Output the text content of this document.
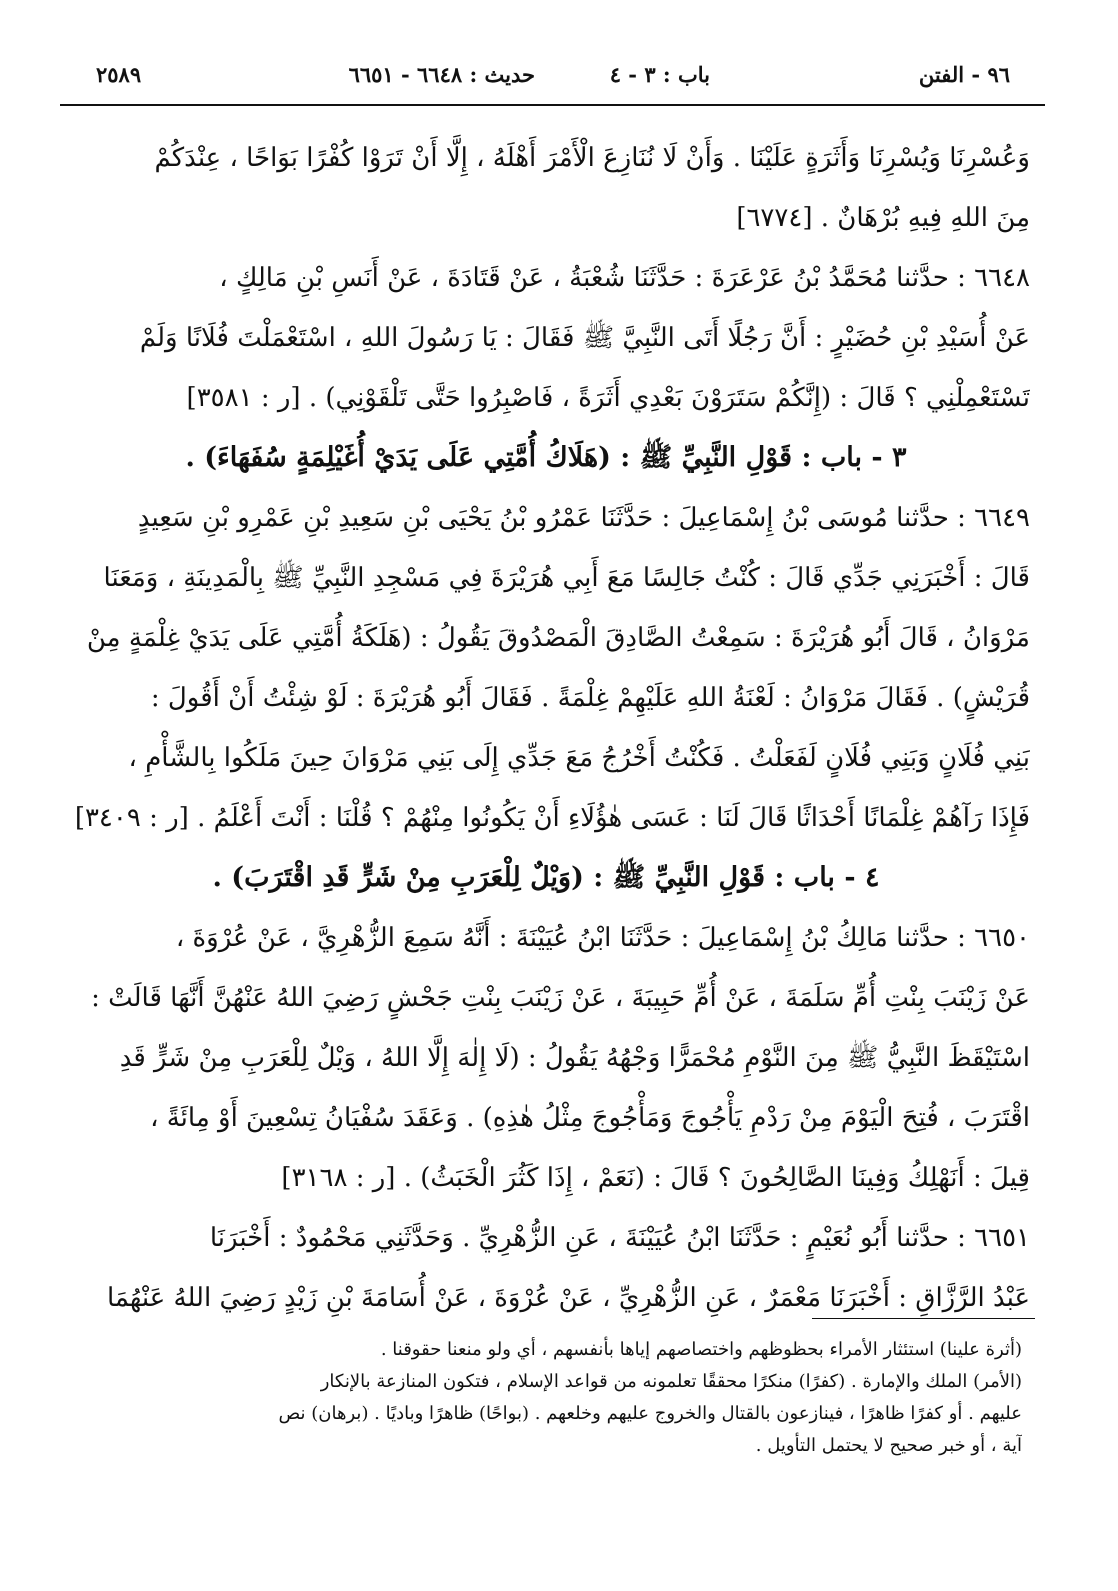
٩٦ - الفتن
باب : ٣ - ٤
حديث : ٦٦٤٨ - ٦٦٥١
٢٥٨٩
وَعُسْرِنَا وَيُسْرِنَا وَأَثَرَةٍ عَلَيْنَا . وَأَنْ لَا نُنَازِعَ الْأَمْرَ أَهْلَهُ ، إِلَّا أَنْ تَرَوْا كُفْرًا بَوَاحًا ، عِنْدَكُمْ
مِنَ اللهِ فِيهِ بُرْهَانٌ . [٦٧٧٤]
٦٦٤٨ : حدَّثنا مُحَمَّدُ بْنُ عَرْعَرَةَ : حَدَّثَنَا شُعْبَةُ ، عَنْ قَتَادَةَ ، عَنْ أَنَسِ بْنِ مَالِكٍ ،
عَنْ أُسَيْدِ بْنِ حُضَيْرٍ : أَنَّ رَجُلًا أَتَى النَّبِيَّ ﷺ فَقَالَ : يَا رَسُولَ اللهِ ، اسْتَعْمَلْتَ فُلَانًا وَلَمْ
تَسْتَعْمِلْنِي ؟ قَالَ : (إِنَّكُمْ سَتَرَوْنَ بَعْدِي أَثَرَةً ، فَاصْبِرُوا حَتَّى تَلْقَوْنِي) . [ر : ٣٥٨١]
٣ - باب : قَوْلِ النَّبِيِّ ﷺ : (هَلَاكُ أُمَّتِي عَلَى يَدَيْ أُغَيْلِمَةٍ سُفَهَاءَ) .
٦٦٤٩ : حدَّثنا مُوسَى بْنُ إِسْمَاعِيلَ : حَدَّثَنَا عَمْرُو بْنُ يَحْيَى بْنِ سَعِيدِ بْنِ عَمْرِو بْنِ سَعِيدٍ
قَالَ : أَخْبَرَنِي جَدِّي قَالَ : كُنْتُ جَالِسًا مَعَ أَبِي هُرَيْرَةَ فِي مَسْجِدِ النَّبِيِّ ﷺ بِالْمَدِينَةِ ، وَمَعَنَا
مَرْوَانُ ، قَالَ أَبُو هُرَيْرَةَ : سَمِعْتُ الصَّادِقَ الْمَصْدُوقَ يَقُولُ : (هَلَكَةُ أُمَّتِي عَلَى يَدَيْ غِلْمَةٍ مِنْ
قُرَيْشٍ) . فَقَالَ مَرْوَانُ : لَعْنَةُ اللهِ عَلَيْهِمْ غِلْمَةً . فَقَالَ أَبُو هُرَيْرَةَ : لَوْ شِئْتُ أَنْ أَقُولَ :
بَنِي فُلَانٍ وَبَنِي فُلَانٍ لَفَعَلْتُ . فَكُنْتُ أَخْرُجُ مَعَ جَدِّي إِلَى بَنِي مَرْوَانَ حِينَ مَلَكُوا بِالشَّأْمِ ،
فَإِذَا رَآهُمْ غِلْمَانًا أَحْدَاثًا قَالَ لَنَا : عَسَى هٰؤُلَاءِ أَنْ يَكُونُوا مِنْهُمْ ؟ قُلْنَا : أَنْتَ أَعْلَمُ . [ر : ٣٤٠٩]
٤ - باب : قَوْلِ النَّبِيِّ ﷺ : (وَيْلٌ لِلْعَرَبِ مِنْ شَرٍّ قَدِ اقْتَرَبَ) .
٦٦٥٠ : حدَّثنا مَالِكُ بْنُ إِسْمَاعِيلَ : حَدَّثَنَا ابْنُ عُيَيْنَةَ : أَنَّهُ سَمِعَ الزُّهْرِيَّ ، عَنْ عُرْوَةَ ،
عَنْ زَيْنَبَ بِنْتِ أُمِّ سَلَمَةَ ، عَنْ أُمِّ حَبِيبَةَ ، عَنْ زَيْنَبَ بِنْتِ جَحْشٍ رَضِيَ اللهُ عَنْهُنَّ أَنَّهَا قَالَتْ :
اسْتَيْقَظَ النَّبِيُّ ﷺ مِنَ النَّوْمِ مُحْمَرًّا وَجْهُهُ يَقُولُ : (لَا إِلٰهَ إِلَّا اللهُ ، وَيْلٌ لِلْعَرَبِ مِنْ شَرٍّ قَدِ
اقْتَرَبَ ، فُتِحَ الْيَوْمَ مِنْ رَدْمِ يَأْجُوجَ وَمَأْجُوجَ مِثْلُ هٰذِهِ) . وَعَقَدَ سُفْيَانُ تِسْعِينَ أَوْ مِائَةً ،
قِيلَ : أَنَهْلِكُ وَفِينَا الصَّالِحُونَ ؟ قَالَ : (نَعَمْ ، إِذَا كَثُرَ الْخَبَثُ) . [ر : ٣١٦٨]
٦٦٥١ : حدَّثنا أَبُو نُعَيْمٍ : حَدَّثَنَا ابْنُ عُيَيْنَةَ ، عَنِ الزُّهْرِيِّ . وَحَدَّثَنِي مَحْمُودٌ : أَخْبَرَنَا
عَبْدُ الرَّزَّاقِ : أَخْبَرَنَا مَعْمَرٌ ، عَنِ الزُّهْرِيِّ ، عَنْ عُرْوَةَ ، عَنْ أُسَامَةَ بْنِ زَيْدٍ رَضِيَ اللهُ عَنْهُمَا
(أثرة علينا) استئثار الأمراء بحظوظهم واختصاصهم إياها بأنفسهم ، أي ولو منعنا حقوقنا .
(الأمر) الملك والإمارة . (كفرًا) منكرًا محققًا تعلمونه من قواعد الإسلام ، فتكون المنازعة بالإنكار
عليهم . أو كفرًا ظاهرًا ، فينازعون بالقتال والخروج عليهم وخلعهم . (بواحًا) ظاهرًا وباديًا . (برهان) نص
آية ، أو خبر صحيح لا يحتمل التأويل .
